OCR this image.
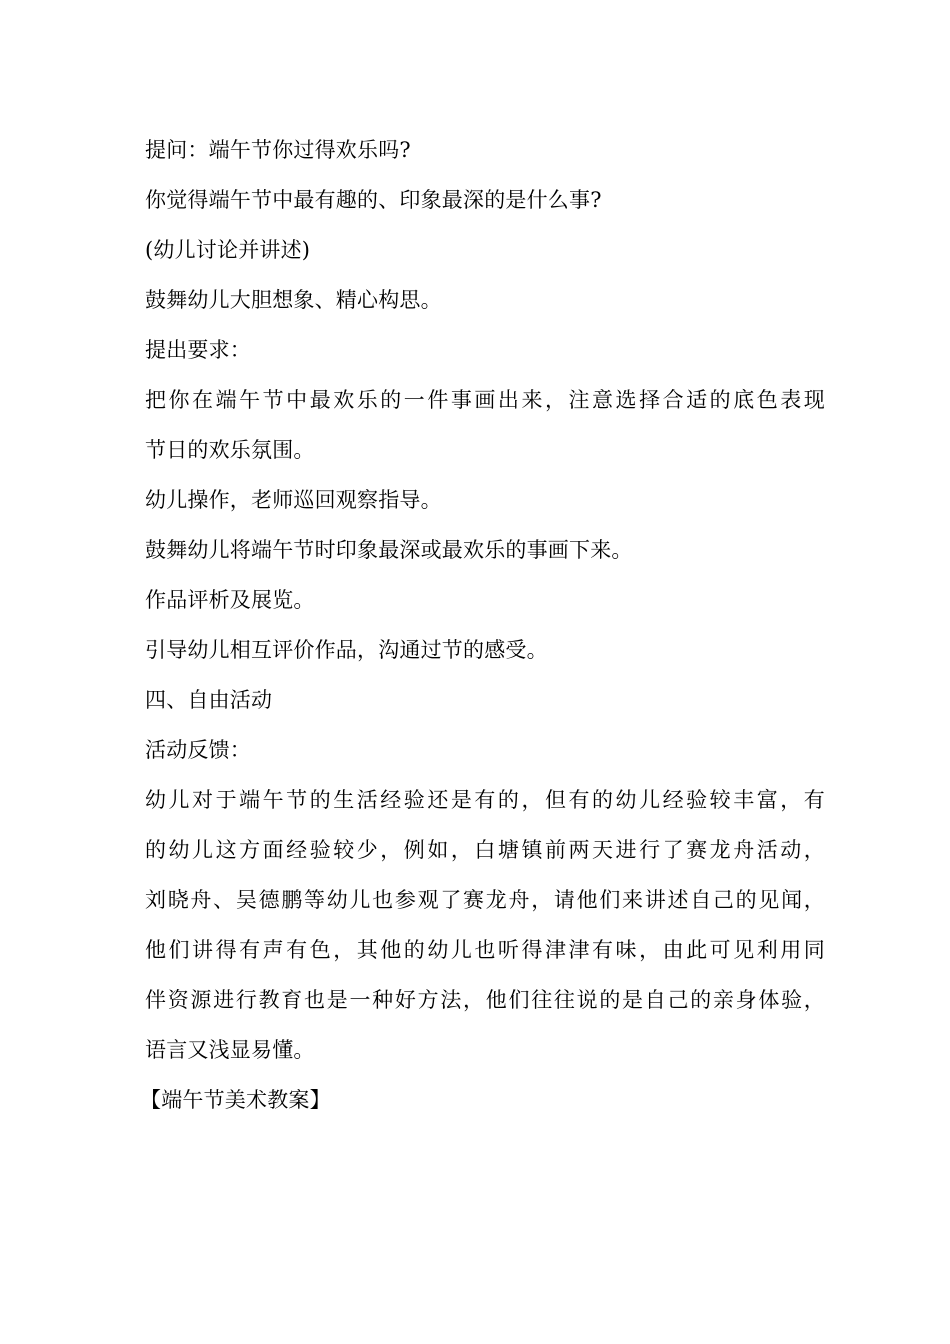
提问：端午节你过得欢乐吗?
你觉得端午节中最有趣的、印象最深的是什么事?
(幼儿讨论并讲述)
鼓舞幼儿大胆想象、精心构思。
提出要求：
把你在端午节中最欢乐的一件事画出来，注意选择合适的底色表现
节日的欢乐氛围。
幼儿操作，老师巡回观察指导。
鼓舞幼儿将端午节时印象最深或最欢乐的事画下来。
作品评析及展览。
引导幼儿相互评价作品，沟通过节的感受。
四、自由活动
活动反馈：
幼儿对于端午节的生活经验还是有的，但有的幼儿经验较丰富，有
的幼儿这方面经验较少，例如，白塘镇前两天进行了赛龙舟活动，
刘晓舟、吴德鹏等幼儿也参观了赛龙舟，请他们来讲述自己的见闻，
他们讲得有声有色，其他的幼儿也听得津津有味，由此可见利用同
伴资源进行教育也是一种好方法，他们往往说的是自己的亲身体验，
语言又浅显易懂。
【端午节美术教案】
